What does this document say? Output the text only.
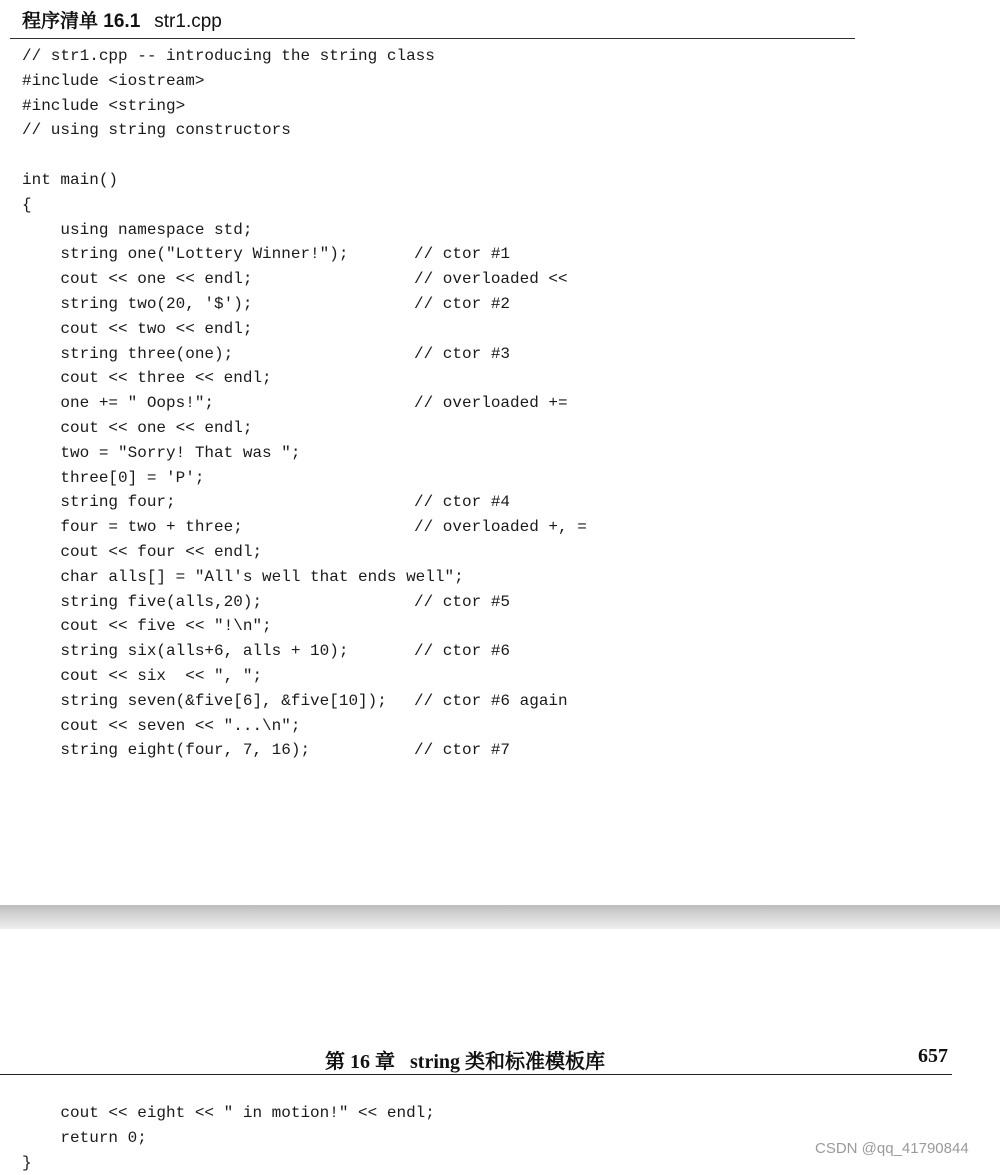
程序清单 16.1 str1.cpp
// str1.cpp -- introducing the string class
#include <iostream>
#include <string>
// using string constructors
int main()
{
using namespace std;
string one("Lottery Winner!");	// ctor #1
cout << one << endl;	// overloaded <<
string two(20, '$');	// ctor #2
cout << two << endl;
string three(one);	// ctor #3
cout << three << endl;
one += " Oops!";	// overloaded +=
cout << one << endl;
two = "Sorry! That was ";
three[0] = 'P';
string four;	// ctor #4
four = two + three;	// overloaded +, =
cout << four << endl;
char alls[] = "All's well that ends well";
string five(alls,20);	// ctor #5
cout << five << "!\n";
string six(alls+6, alls + 10);	// ctor #6
cout << six  << ", ";
string seven(&five[6], &five[10]); // ctor #6 again
cout << seven << "...\n";
string eight(four, 7, 16);	// ctor #7
第 16 章   string 类和标准模板库	657
cout << eight << " in motion!" << endl;
return 0;
}
CSDN @qq_41790844
